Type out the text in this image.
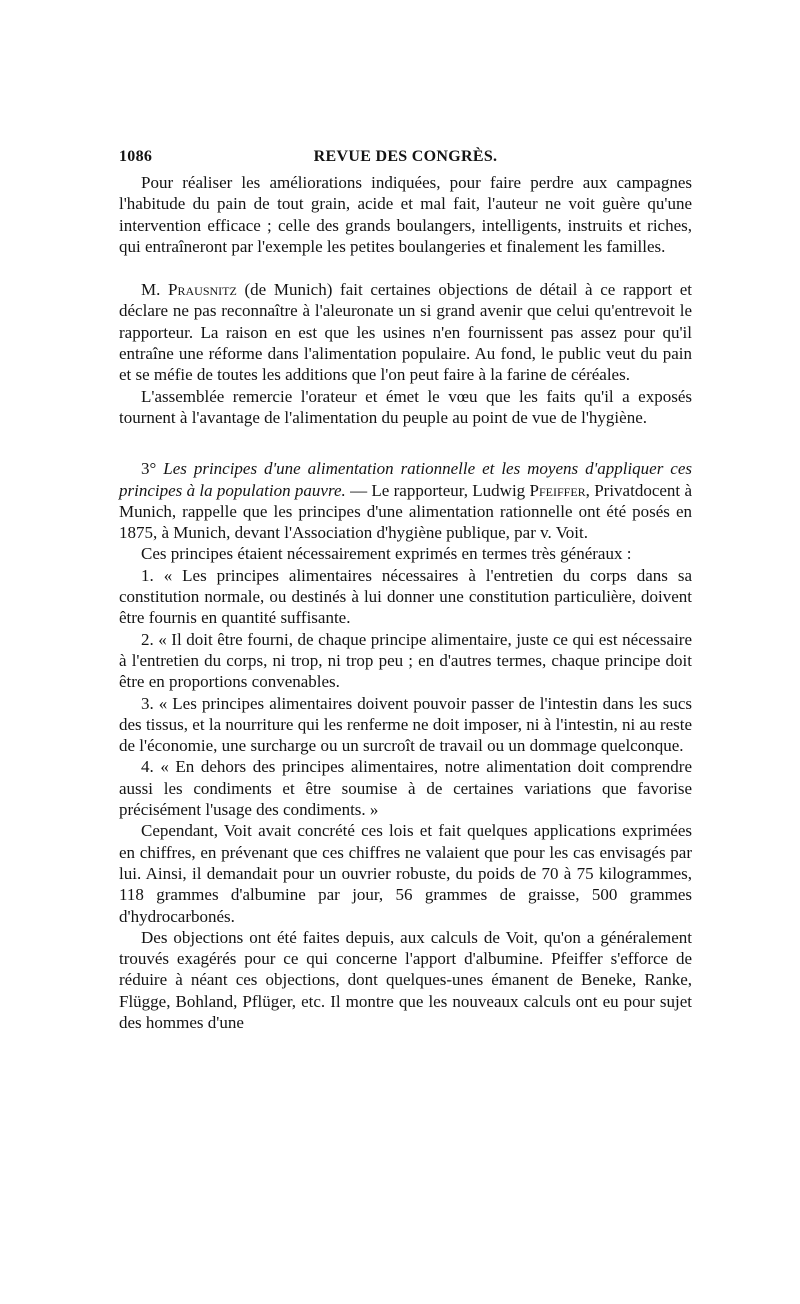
1086	REVUE DES CONGRÈS.

Pour réaliser les améliorations indiquées, pour faire perdre aux campagnes l'habitude du pain de tout grain, acide et mal fait, l'auteur ne voit guère qu'une intervention efficace ; celle des grands boulangers, intelligents, instruits et riches, qui entraîneront par l'exemple les petites boulangeries et finalement les familles.

M. Prausnitz (de Munich) fait certaines objections de détail à ce rapport et déclare ne pas reconnaître à l'aleuronate un si grand avenir que celui qu'entrevoit le rapporteur. La raison en est que les usines n'en fournissent pas assez pour qu'il entraîne une réforme dans l'alimentation populaire. Au fond, le public veut du pain et se méfie de toutes les additions que l'on peut faire à la farine de céréales.

L'assemblée remercie l'orateur et émet le vœu que les faits qu'il a exposés tournent à l'avantage de l'alimentation du peuple au point de vue de l'hygiène.

3° Les principes d'une alimentation rationnelle et les moyens d'appliquer ces principes à la population pauvre. — Le rapporteur, Ludwig Pfeiffer, Privatdocent à Munich, rappelle que les principes d'une alimentation rationnelle ont été posés en 1875, à Munich, devant l'Association d'hygiène publique, par v. Voit.

Ces principes étaient nécessairement exprimés en termes très généraux :

1. « Les principes alimentaires nécessaires à l'entretien du corps dans sa constitution normale, ou destinés à lui donner une constitution particulière, doivent être fournis en quantité suffisante.

2. « Il doit être fourni, de chaque principe alimentaire, juste ce qui est nécessaire à l'entretien du corps, ni trop, ni trop peu ; en d'autres termes, chaque principe doit être en proportions convenables.

3. « Les principes alimentaires doivent pouvoir passer de l'intestin dans les sucs des tissus, et la nourriture qui les renferme ne doit imposer, ni à l'intestin, ni au reste de l'économie, une surcharge ou un surcroît de travail ou un dommage quelconque.

4. « En dehors des principes alimentaires, notre alimentation doit comprendre aussi les condiments et être soumise à de certaines variations que favorise précisément l'usage des condiments. »

Cependant, Voit avait concrété ces lois et fait quelques applications exprimées en chiffres, en prévenant que ces chiffres ne valaient que pour les cas envisagés par lui. Ainsi, il demandait pour un ouvrier robuste, du poids de 70 à 75 kilogrammes, 118 grammes d'albumine par jour, 56 grammes de graisse, 500 grammes d'hydrocarbonés.

Des objections ont été faites depuis, aux calculs de Voit, qu'on a généralement trouvés exagérés pour ce qui concerne l'apport d'albumine. Pfeiffer s'efforce de réduire à néant ces objections, dont quelques-unes émanent de Beneke, Ranke, Flügge, Bohland, Pflüger, etc. Il montre que les nouveaux calculs ont eu pour sujet des hommes d'une
